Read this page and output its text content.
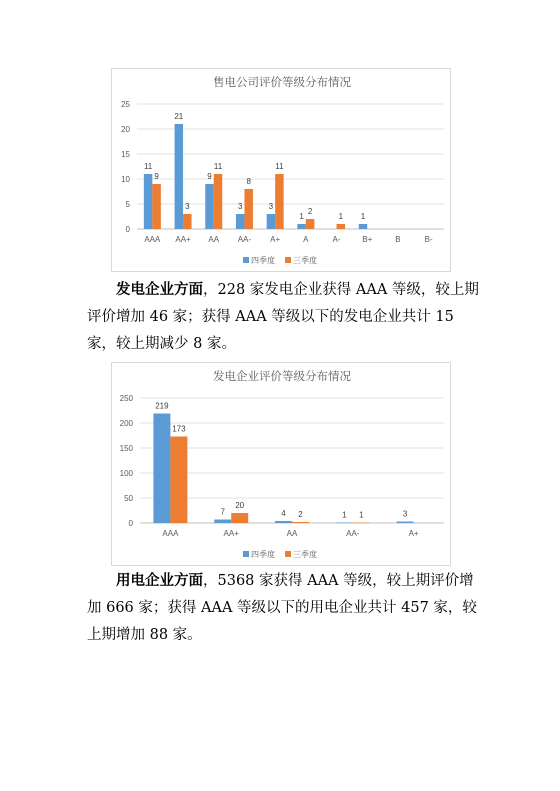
售电公司评价等级分布情况
0
5
10
15
20
25
11
9
AAA
21
3
AA+
9
11
AA
3
8
AA-
3
11
A+
1
2
A
1
A-
1
B+	B	B-
四季度 三季度

发电企业方面，228 家发电企业获得 AAA 等级，较上期评价增加 46 家；获得 AAA 等级以下的发电企业共计 15 家，较上期减少 8 家。

发电企业评价等级分布情况
0
50
100
150
200
250
219
173
AAA
7
20
AA+
4 2
AA
1 1
AA-
3
A+
四季度 三季度

用电企业方面，5368 家获得 AAA 等级，较上期评价增加 666 家；获得 AAA 等级以下的用电企业共计 457 家，较上期增加 88 家。
